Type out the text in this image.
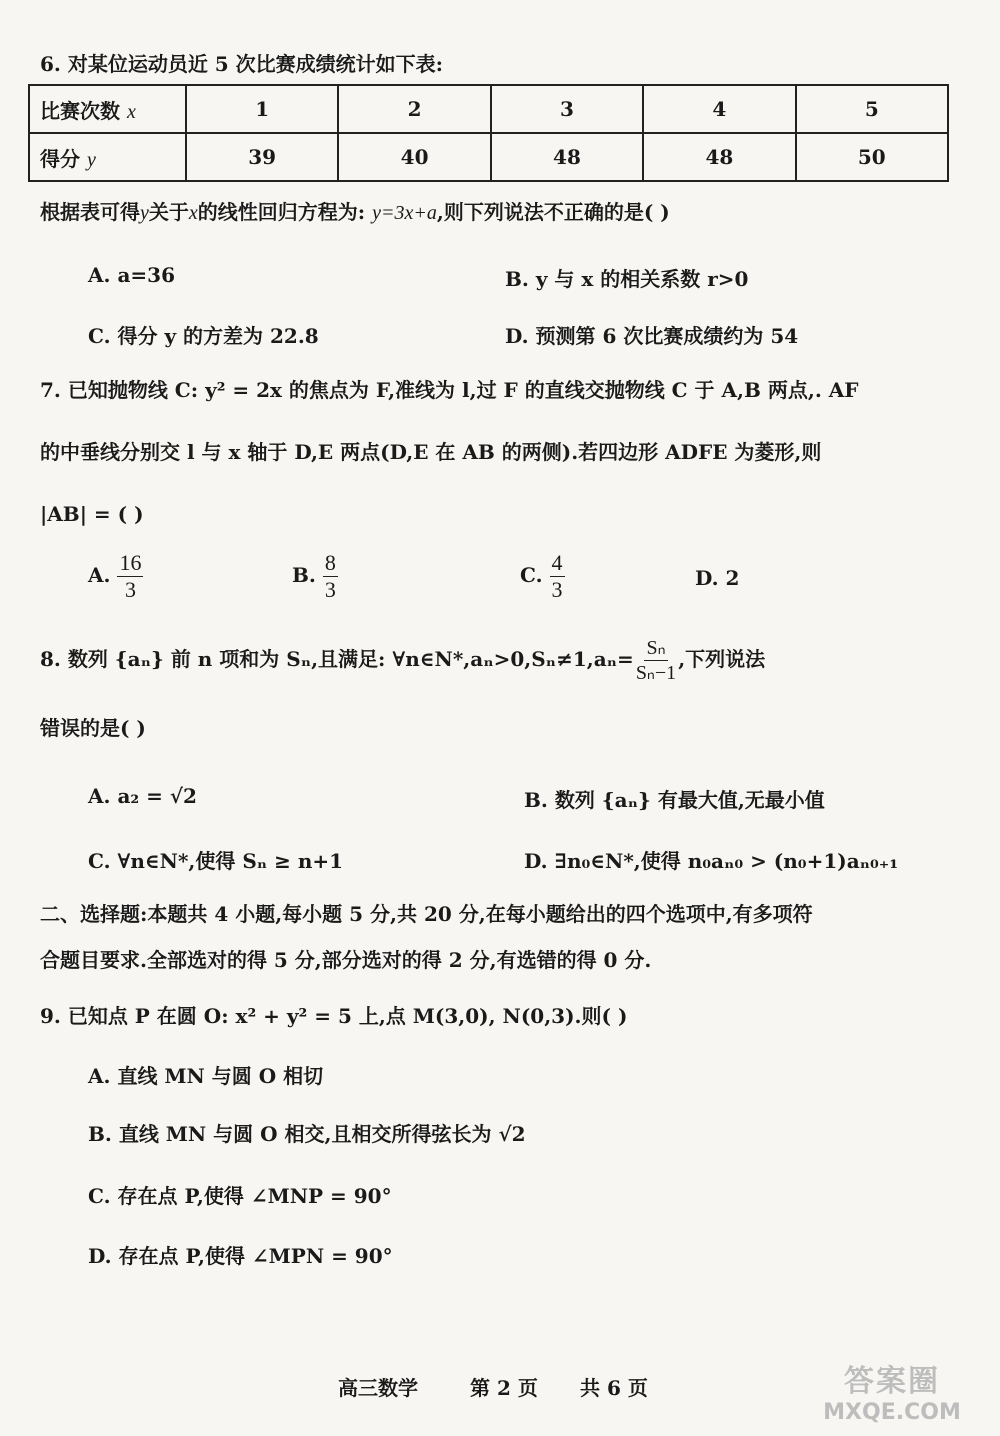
6. 对某位运动员近 5 次比赛成绩统计如下表:
比赛次数 x	1	2	3	4	5
得分 y	39	40	48	48	50
根据表可得y关于x的线性回归方程为: y=3x+a,则下列说法不正确的是( )
A. a=36	B. y 与 x 的相关系数 r>0
C. 得分 y 的方差为 22.8	D. 预测第 6 次比赛成绩约为 54
7. 已知抛物线 C: y² = 2x 的焦点为 F,准线为 l,过 F 的直线交抛物线 C 于 A,B 两点,. AF
的中垂线分别交 l 与 x 轴于 D,E 两点(D,E 在 AB 的两侧).若四边形 ADFE 为菱形,则
|AB| = ( )
A. $\frac{16}{3}$	B. $\frac{8}{3}$	C. $\frac{4}{3}$	D. 2
8. 数列 {aₙ} 前 n 项和为 Sₙ,且满足: ∀n∈N*,aₙ>0,Sₙ≠1,aₙ= $\frac{\text{Sₙ}}{\text{Sₙ−1}}$ ,下列说法
错误的是( )
A. a₂ = √2	B. 数列 {aₙ} 有最大值,无最小值
C. ∀n∈N*,使得 Sₙ ≥ n+1	D. ∃n₀∈N*,使得 n₀aₙ₀ > (n₀+1)aₙ₀₊₁
二、选择题:本题共 4 小题,每小题 5 分,共 20 分,在每小题给出的四个选项中,有多项符
合题目要求.全部选对的得 5 分,部分选对的得 2 分,有选错的得 0 分.
9. 已知点 P 在圆 O: x² + y² = 5 上,点 M(3,0), N(0,3).则( )
A. 直线 MN 与圆 O 相切
B. 直线 MN 与圆 O 相交,且相交所得弦长为 √2
C. 存在点 P,使得 ∠MNP = 90°
D. 存在点 P,使得 ∠MPN = 90°
高三数学	第 2 页 共 6 页	答案圈
MXQE.COM
